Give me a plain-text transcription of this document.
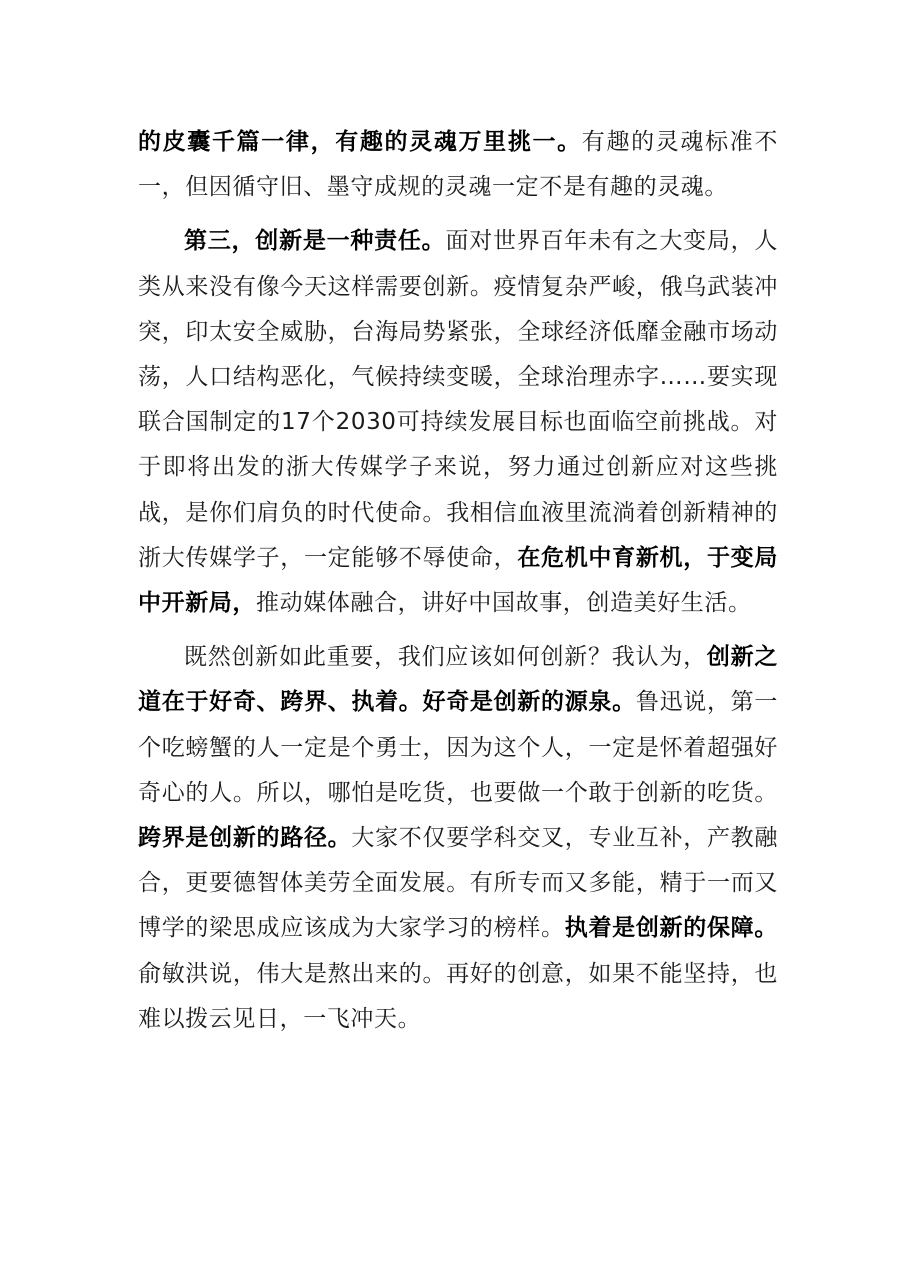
的皮囊千篇一律，有趣的灵魂万里挑一。有趣的灵魂标准不一，但因循守旧、墨守成规的灵魂一定不是有趣的灵魂。

第三，创新是一种责任。面对世界百年未有之大变局，人类从来没有像今天这样需要创新。疫情复杂严峻，俄乌武装冲突，印太安全威胁，台海局势紧张，全球经济低靡金融市场动荡，人口结构恶化，气候持续变暖，全球治理赤字……要实现联合国制定的17个2030可持续发展目标也面临空前挑战。对于即将出发的浙大传媒学子来说，努力通过创新应对这些挑战，是你们肩负的时代使命。我相信血液里流淌着创新精神的浙大传媒学子，一定能够不辱使命，在危机中育新机，于变局中开新局，推动媒体融合，讲好中国故事，创造美好生活。

既然创新如此重要，我们应该如何创新？我认为，创新之道在于好奇、跨界、执着。好奇是创新的源泉。鲁迅说，第一个吃螃蟹的人一定是个勇士，因为这个人，一定是怀着超强好奇心的人。所以，哪怕是吃货，也要做一个敢于创新的吃货。跨界是创新的路径。大家不仅要学科交叉，专业互补，产教融合，更要德智体美劳全面发展。有所专而又多能，精于一而又博学的梁思成应该成为大家学习的榜样。执着是创新的保障。俞敏洪说，伟大是熬出来的。再好的创意，如果不能坚持，也难以拨云见日，一飞冲天。
